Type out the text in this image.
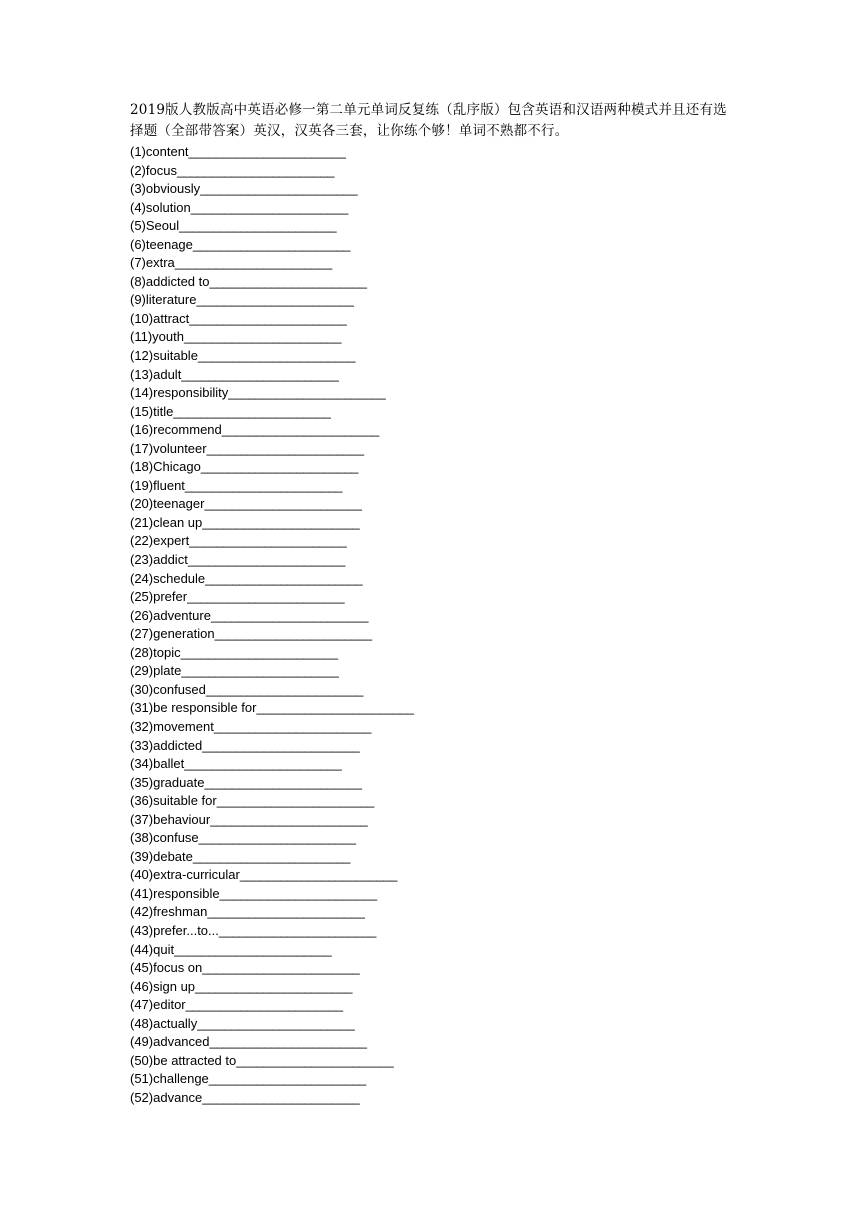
2019版人教版高中英语必修一第二单元单词反复练（乱序版）包含英语和汉语两种模式并且还有选择题（全部带答案）英汉，汉英各三套，让你练个够！单词不熟都不行。
(1)content_______________________
(2)focus_______________________
(3)obviously_______________________
(4)solution_______________________
(5)Seoul_______________________
(6)teenage_______________________
(7)extra_______________________
(8)addicted to_______________________
(9)literature_______________________
(10)attract_______________________
(11)youth_______________________
(12)suitable_______________________
(13)adult_______________________
(14)responsibility_______________________
(15)title_______________________
(16)recommend_______________________
(17)volunteer_______________________
(18)Chicago_______________________
(19)fluent_______________________
(20)teenager_______________________
(21)clean up_______________________
(22)expert_______________________
(23)addict_______________________
(24)schedule_______________________
(25)prefer_______________________
(26)adventure_______________________
(27)generation_______________________
(28)topic_______________________
(29)plate_______________________
(30)confused_______________________
(31)be responsible for_______________________
(32)movement_______________________
(33)addicted_______________________
(34)ballet_______________________
(35)graduate_______________________
(36)suitable for_______________________
(37)behaviour_______________________
(38)confuse_______________________
(39)debate_______________________
(40)extra-curricular_______________________
(41)responsible_______________________
(42)freshman_______________________
(43)prefer...to..._______________________
(44)quit_______________________
(45)focus on_______________________
(46)sign up_______________________
(47)editor_______________________
(48)actually_______________________
(49)advanced_______________________
(50)be attracted to_______________________
(51)challenge_______________________
(52)advance_______________________
